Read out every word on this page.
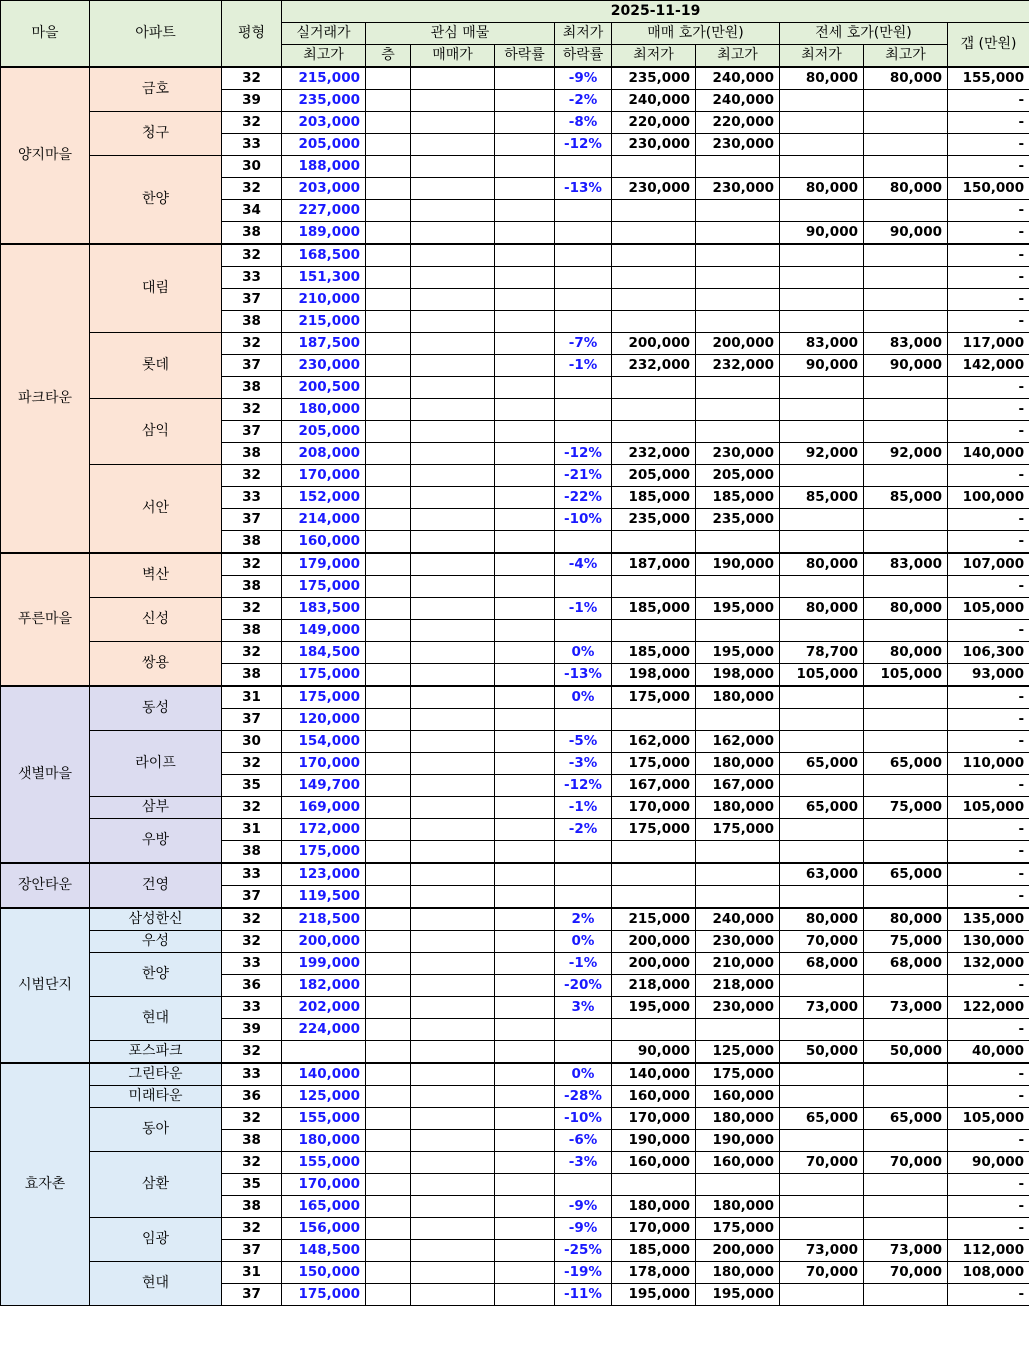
마을	아파트	평형	2025-11-19									
			실거래가	관심 매물			최저가	매매 호가(만원)		전세 호가(만원)		갭 (만원)
			최고가	층	매매가	하락률	하락률	최저가	최고가	최저가	최고가	
양지마을	금호	32	215,000				-9%	235,000	240,000	80,000	80,000	155,000
		39	235,000				-2%	240,000	240,000			-
	청구	32	203,000				-8%	220,000	220,000			-
		33	205,000				-12%	230,000	230,000			-
	한양	30	188,000									-
		32	203,000				-13%	230,000	230,000	80,000	80,000	150,000
		34	227,000									-
		38	189,000							90,000	90,000	-
파크타운	대림	32	168,500									-
		33	151,300									-
		37	210,000									-
		38	215,000									-
	롯데	32	187,500				-7%	200,000	200,000	83,000	83,000	117,000
		37	230,000				-1%	232,000	232,000	90,000	90,000	142,000
		38	200,500									-
	삼익	32	180,000									-
		37	205,000									-
		38	208,000				-12%	232,000	230,000	92,000	92,000	140,000
	서안	32	170,000				-21%	205,000	205,000			-
		33	152,000				-22%	185,000	185,000	85,000	85,000	100,000
		37	214,000				-10%	235,000	235,000			-
		38	160,000									-
푸른마을	벽산	32	179,000				-4%	187,000	190,000	80,000	83,000	107,000
		38	175,000									-
	신성	32	183,500				-1%	185,000	195,000	80,000	80,000	105,000
		38	149,000									-
	쌍용	32	184,500				0%	185,000	195,000	78,700	80,000	106,300
		38	175,000				-13%	198,000	198,000	105,000	105,000	93,000
샛별마을	동성	31	175,000				0%	175,000	180,000			-
		37	120,000									-
	라이프	30	154,000				-5%	162,000	162,000			-
		32	170,000				-3%	175,000	180,000	65,000	65,000	110,000
		35	149,700				-12%	167,000	167,000			-
	삼부	32	169,000				-1%	170,000	180,000	65,000	75,000	105,000
	우방	31	172,000				-2%	175,000	175,000			-
		38	175,000									-
장안타운	건영	33	123,000							63,000	65,000	-
		37	119,500									-
시범단지	삼성한신	32	218,500				2%	215,000	240,000	80,000	80,000	135,000
	우성	32	200,000				0%	200,000	230,000	70,000	75,000	130,000
	한양	33	199,000				-1%	200,000	210,000	68,000	68,000	132,000
		36	182,000				-20%	218,000	218,000			-
	현대	33	202,000				3%	195,000	230,000	73,000	73,000	122,000
		39	224,000									-
	포스파크	32						90,000	125,000	50,000	50,000	40,000
효자촌	그린타운	33	140,000				0%	140,000	175,000			-
	미래타운	36	125,000				-28%	160,000	160,000			-
	동아	32	155,000				-10%	170,000	180,000	65,000	65,000	105,000
		38	180,000				-6%	190,000	190,000			-
	삼환	32	155,000				-3%	160,000	160,000	70,000	70,000	90,000
		35	170,000									-
		38	165,000				-9%	180,000	180,000			-
	임광	32	156,000				-9%	170,000	175,000			-
		37	148,500				-25%	185,000	200,000	73,000	73,000	112,000
	현대	31	150,000				-19%	178,000	180,000	70,000	70,000	108,000
		37	175,000				-11%	195,000	195,000			-
